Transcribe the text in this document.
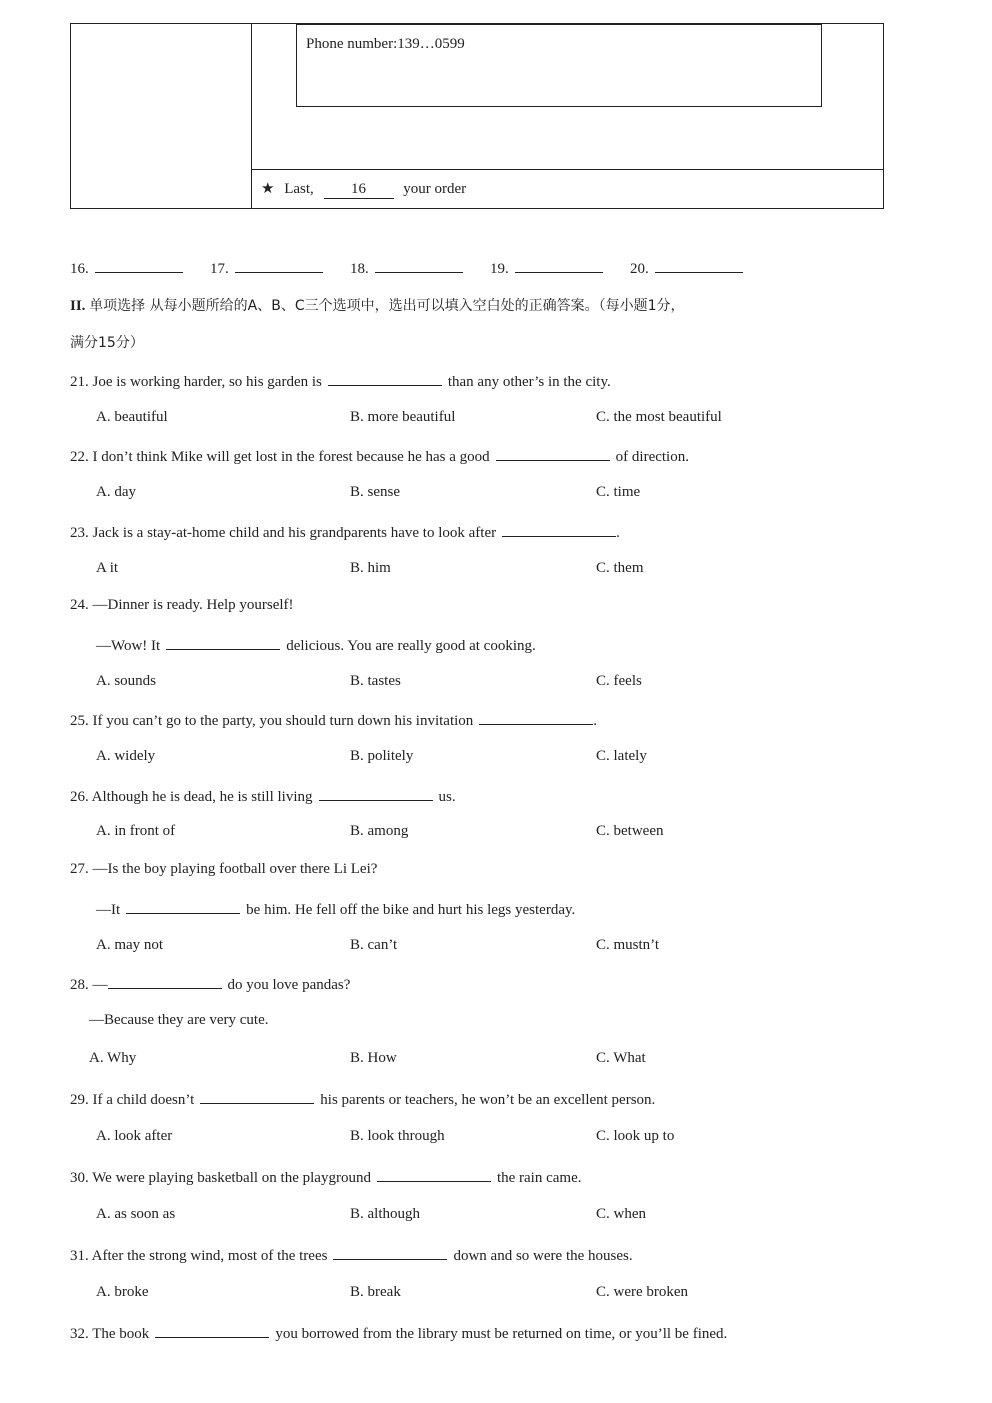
Phone number:139…0599
★ Last, 16 your order
16.	17.	18.	19.	20.
II. 单项选择 从每小题所给的A、B、C三个选项中，选出可以填入空白处的正确答案。（每小题1分，
满分15分）
21. Joe is working harder, so his garden is	than any other’s in the city.
A. beautiful	B. more beautiful	C. the most beautiful
22. I don’t think Mike will get lost in the forest because he has a good	of direction.
A. day	B. sense	C. time
23. Jack is a stay-at-home child and his grandparents have to look after	.
A it	B. him	C. them
24. —Dinner is ready. Help yourself!
—Wow! It	delicious. You are really good at cooking.
A. sounds	B. tastes	C. feels
25. If you can’t go to the party, you should turn down his invitation	.
A. widely	B. politely	C. lately
26. Although he is dead, he is still living	us.
A. in front of	B. among	C. between
27. —Is the boy playing football over there Li Lei?
—It	be him. He fell off the bike and hurt his legs yesterday.
A. may not	B. can’t	C. mustn’t
28. —	do you love pandas?
—Because they are very cute.
A. Why	B. How	C. What
29. If a child doesn’t	his parents or teachers, he won’t be an excellent person.
A. look after	B. look through	C. look up to
30. We were playing basketball on the playground	the rain came.
A. as soon as	B. although	C. when
31. After the strong wind, most of the trees	down and so were the houses.
A. broke	B. break	C. were broken
32. The book	you borrowed from the library must be returned on time, or you’ll be fined.
